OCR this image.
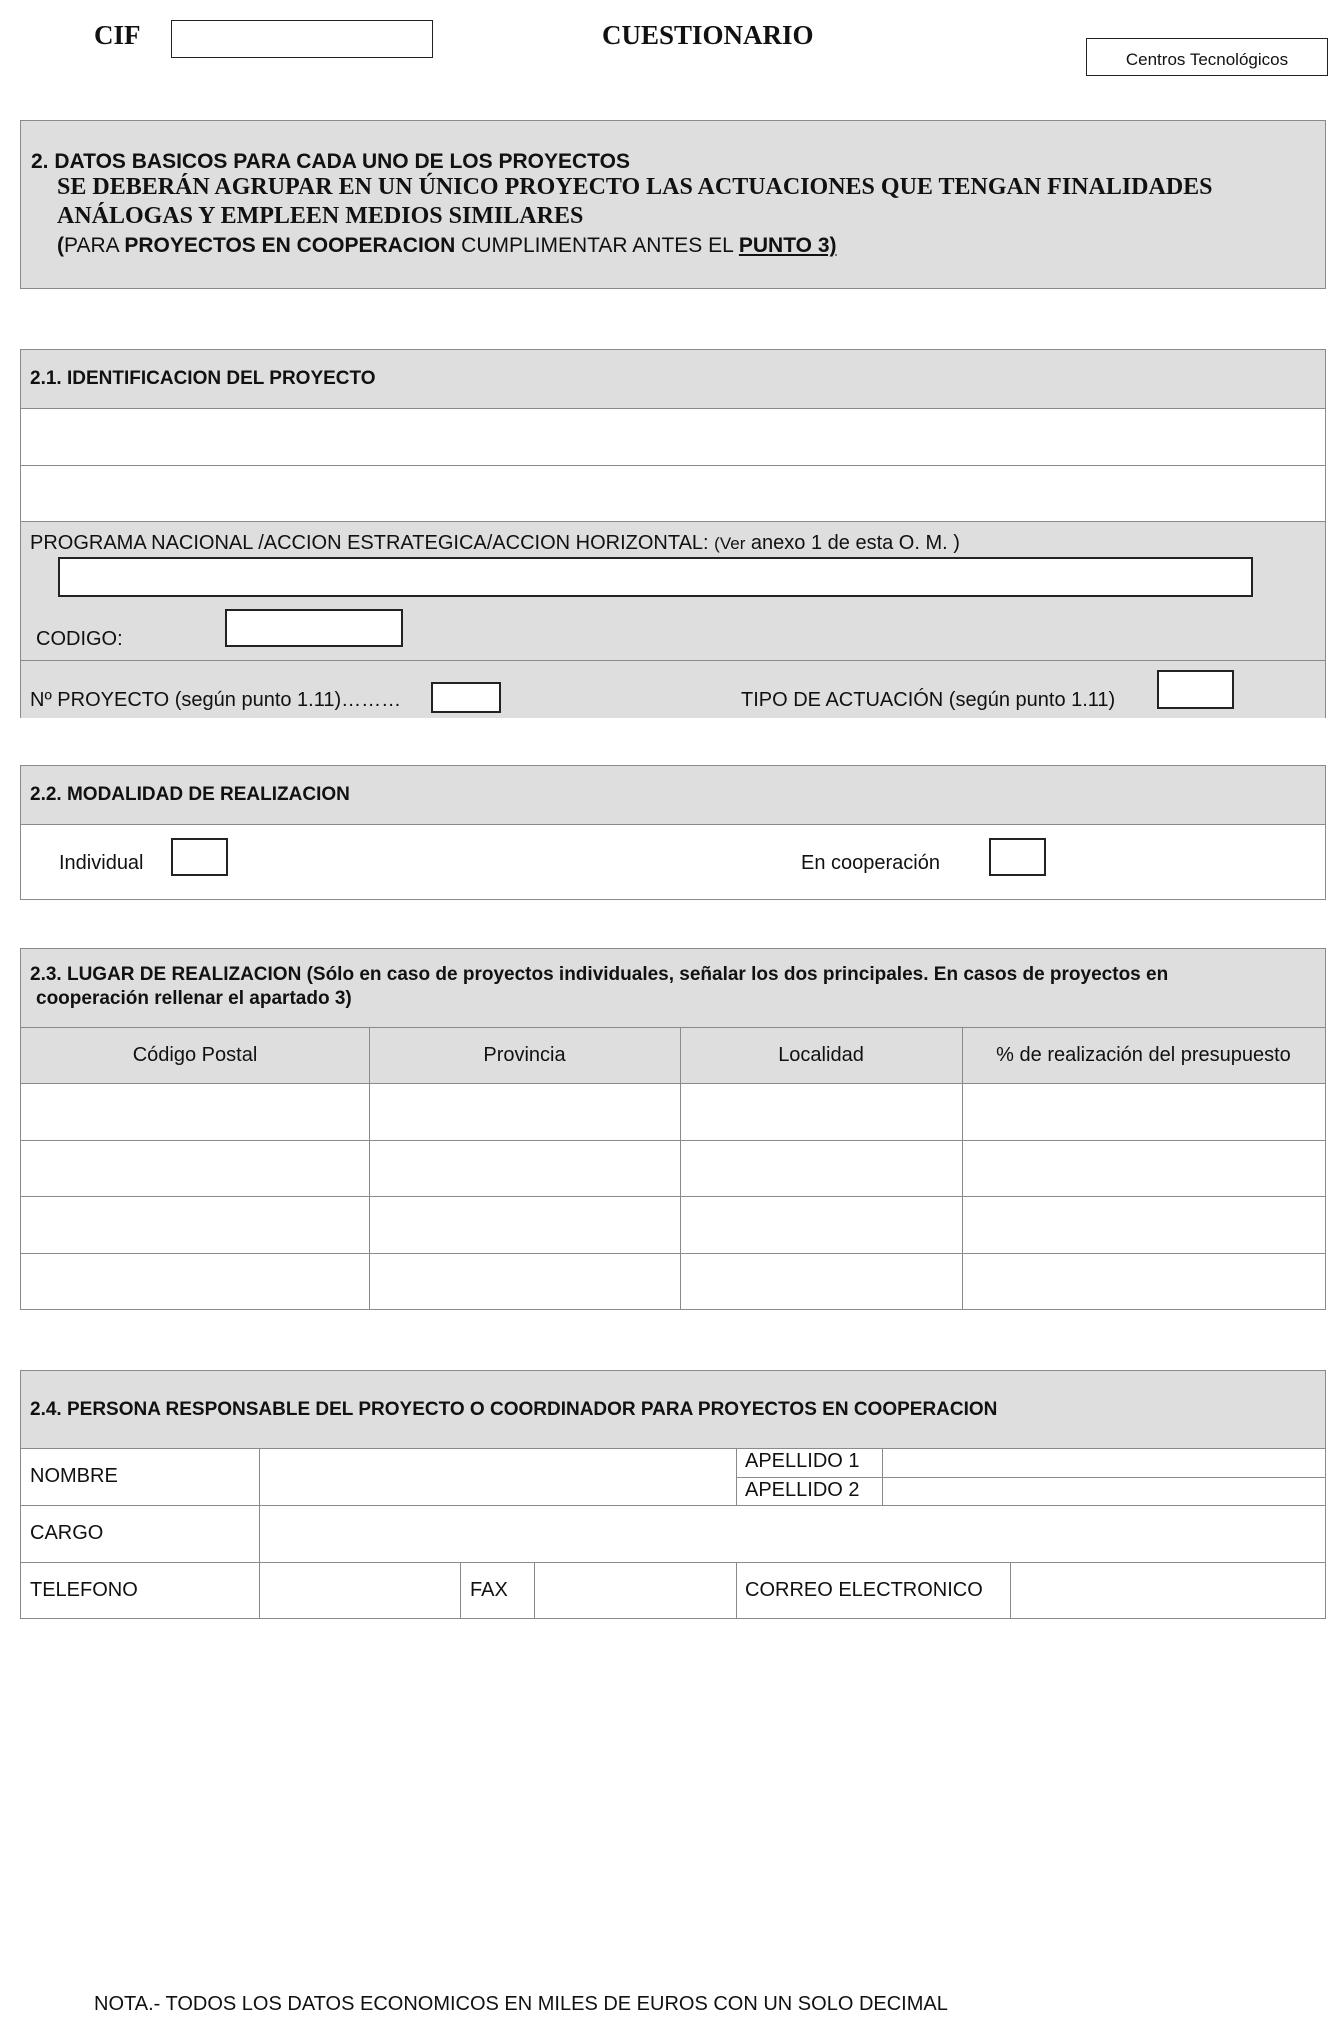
CIF	CUESTIONARIO
Centros Tecnológicos
2. DATOS BASICOS PARA CADA UNO DE LOS PROYECTOS
SE DEBERÁN AGRUPAR EN UN ÚNICO PROYECTO LAS ACTUACIONES QUE TENGAN FINALIDADES
ANÁLOGAS Y EMPLEEN MEDIOS SIMILARES
(PARA PROYECTOS EN COOPERACION CUMPLIMENTAR ANTES EL PUNTO 3)
2.1. IDENTIFICACION DEL PROYECTO
PROGRAMA NACIONAL /ACCION ESTRATEGICA/ACCION HORIZONTAL: (Ver anexo 1 de esta O. M. )
CODIGO:
Nº PROYECTO (según punto 1.11)………	TIPO DE ACTUACIÓN (según punto 1.11)
2.2. MODALIDAD DE REALIZACION
Individual	En cooperación
2.3. LUGAR DE REALIZACION (Sólo en caso de proyectos individuales, señalar los dos principales. En casos de proyectos en
cooperación rellenar el apartado 3)
Código Postal	Provincia	Localidad	% de realización del presupuesto
2.4. PERSONA RESPONSABLE DEL PROYECTO O COORDINADOR PARA PROYECTOS EN COOPERACION
NOMBRE
APELLIDO 1
APELLIDO 2
CARGO
TELEFONO	FAX	CORREO ELECTRONICO
NOTA.- TODOS LOS DATOS ECONOMICOS EN MILES DE EUROS CON UN SOLO DECIMAL
